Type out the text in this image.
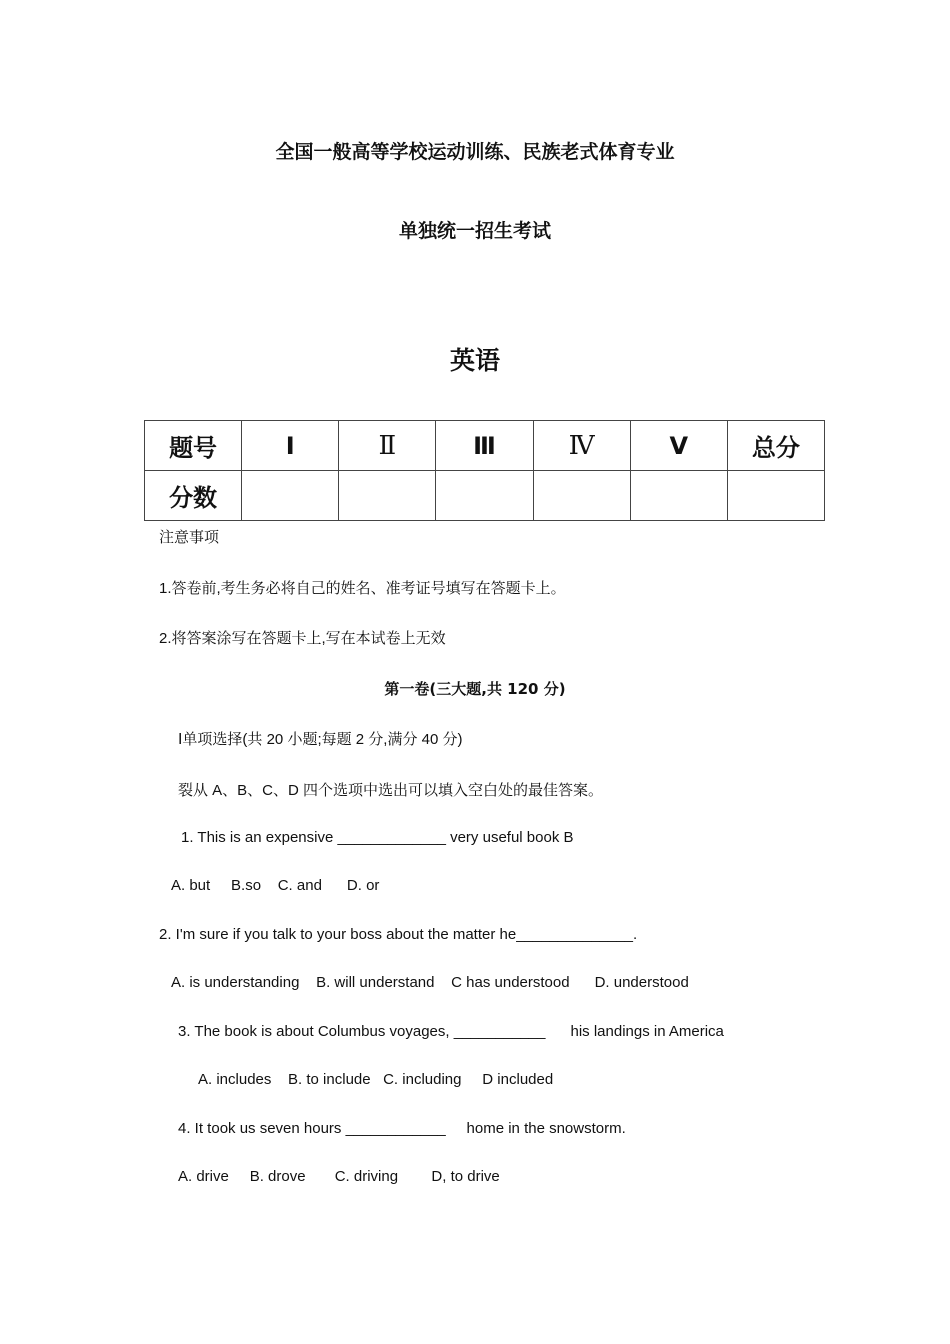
全国一般高等学校运动训练、民族老式体育专业
单独统一招生考试
英语
题号	Ⅰ	Ⅱ	Ⅲ	Ⅳ	Ⅴ	总分
分数						
注意事项
1.答卷前,考生务必将自己的姓名、准考证号填写在答题卡上。
2.将答案涂写在答题卡上,写在本试卷上无效
第一卷(三大题,共 120 分)
Ⅰ单项选择(共 20 小题;每题 2 分,满分 40 分)
裂从 A、B、C、D 四个选项中选出可以填入空白处的最佳答案。
1. This is an expensive _____________ very useful book B
A. but     B.so    C. and      D. or
2. I'm sure if you talk to your boss about the matter he______________.
A. is understanding    B. will understand    C has understood      D. understood
3. The book is about Columbus voyages, ___________      his landings in America
A. includes    B. to include   C. including     D included
4. It took us seven hours ____________     home in the snowstorm.
A. drive     B. drove       C. driving        D, to drive
